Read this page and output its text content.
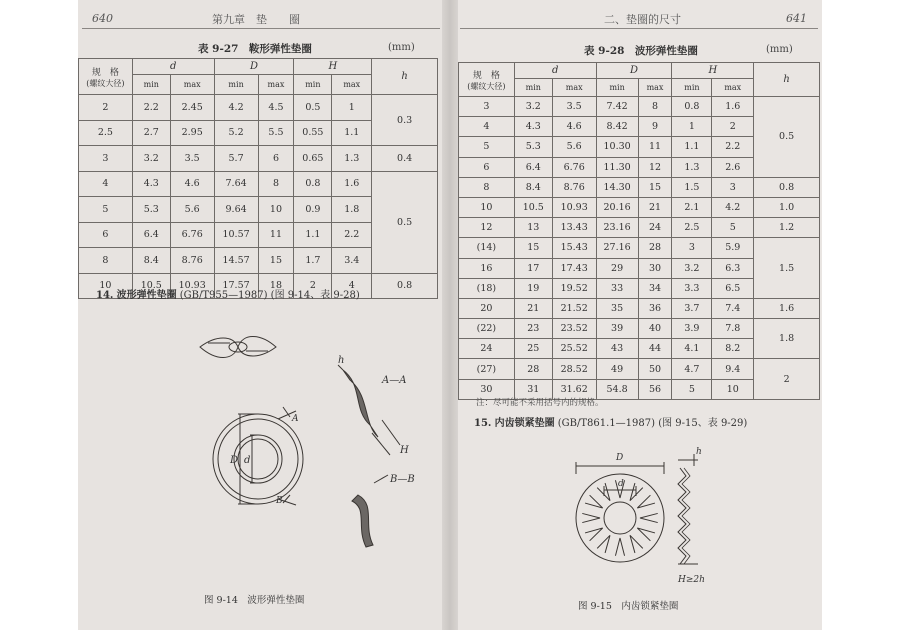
640	第九章　垫　　圈
表 9-27　鞍形弹性垫圈	(mm)
规　格
(螺纹大径)	d		D		H		h
	min	max	min	max	min	max	
2	2.2	2.45	4.2	4.5	0.5	1	0.3
2.5	2.7	2.95	5.2	5.5	0.55	1.1	
3	3.2	3.5	5.7	6	0.65	1.3	0.4
4	4.3	4.6	7.64	8	0.8	1.6	0.5
5	5.3	5.6	9.64	10	0.9	1.8	
6	6.4	6.76	10.57	11	1.1	2.2	
8	8.4	8.76	14.57	15	1.7	3.4	
10	10.5	10.93	17.57	18	2	4	0.8
14. 波形弹性垫圈 (GB/T955—1987) (图 9-14、表 9-28)
A—A
B—B
A
B
D d
H
h
图 9-14　波形弹性垫圈
二、垫圈的尺寸	641
表 9-28　波形弹性垫圈	(mm)
规　格
(螺纹大径)	d		D		H		h
	min	max	min	max	min	max	
3	3.2	3.5	7.42	8	0.8	1.6	0.5
4	4.3	4.6	8.42	9	1	2	
5	5.3	5.6	10.30	11	1.1	2.2	
6	6.4	6.76	11.30	12	1.3	2.6	
8	8.4	8.76	14.30	15	1.5	3	0.8
10	10.5	10.93	20.16	21	2.1	4.2	1.0
12	13	13.43	23.16	24	2.5	5	1.2
(14)	15	15.43	27.16	28	3	5.9	1.5
16	17	17.43	29	30	3.2	6.3	
(18)	19	19.52	33	34	3.3	6.5	
20	21	21.52	35	36	3.7	7.4	1.6
(22)	23	23.52	39	40	3.9	7.8	1.8
24	25	25.52	43	44	4.1	8.2	
(27)	28	28.52	49	50	4.7	9.4	2
30	31	31.62	54.8	56	5	10	
注：尽可能不采用括号内的规格。
15. 内齿锁紧垫圈 (GB/T861.1—1987) (图 9-15、表 9-29)
D
d
h
H≥2h
图 9-15　内齿锁紧垫圈
